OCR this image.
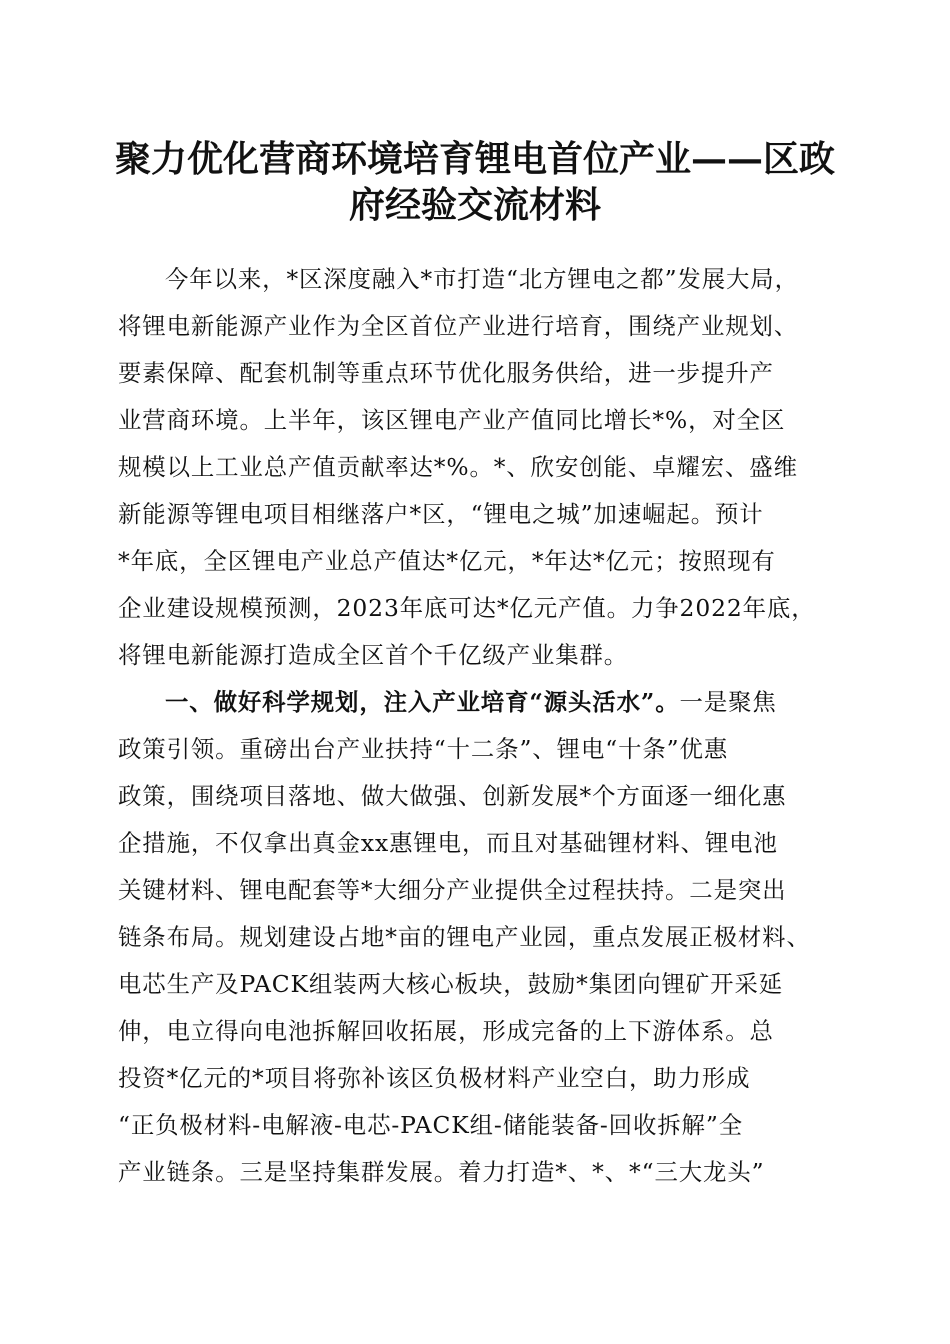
聚力优化营商环境培育锂电首位产业——区政
府经验交流材料
今年以来，*区深度融入*市打造“北方锂电之都”发展大局，
将锂电新能源产业作为全区首位产业进行培育，围绕产业规划、
要素保障、配套机制等重点环节优化服务供给，进一步提升产
业营商环境。上半年，该区锂电产业产值同比增长*%，对全区
规模以上工业总产值贡献率达*%。*、欣安创能、卓耀宏、盛维
新能源等锂电项目相继落户*区，“锂电之城”加速崛起。预计
*年底，全区锂电产业总产值达*亿元，*年达*亿元；按照现有
企业建设规模预测，2023年底可达*亿元产值。力争2022年底，
将锂电新能源打造成全区首个千亿级产业集群。
一、做好科学规划，注入产业培育“源头活水”。一是聚焦
政策引领。重磅出台产业扶持“十二条”、锂电“十条”优惠
政策，围绕项目落地、做大做强、创新发展*个方面逐一细化惠
企措施，不仅拿出真金xx惠锂电，而且对基础锂材料、锂电池
关键材料、锂电配套等*大细分产业提供全过程扶持。二是突出
链条布局。规划建设占地*亩的锂电产业园，重点发展正极材料、
电芯生产及PACK组装两大核心板块，鼓励*集团向锂矿开采延
伸，电立得向电池拆解回收拓展，形成完备的上下游体系。总
投资*亿元的*项目将弥补该区负极材料产业空白，助力形成
“正负极材料-电解液-电芯-PACK组-储能装备-回收拆解”全
产业链条。三是坚持集群发展。着力打造*、*、*“三大龙头”
